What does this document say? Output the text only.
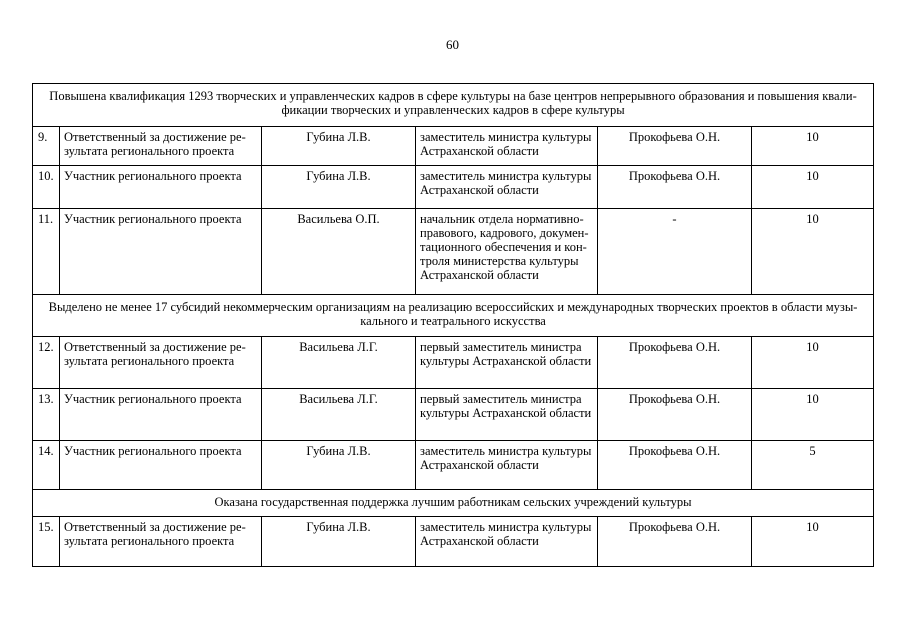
60
Повышена квалификация 1293 творческих и управленческих кадров в сфере культуры на базе центров непрерывного образования и повышения квалификации творческих и управленческих кадров в сфере культуры					
9.	Ответственный за достижение результата регионального проекта	Губина Л.В.	заместитель министра культуры Астраханской области	Прокофьева О.Н.	10
10.	Участник регионального проекта	Губина Л.В.	заместитель министра культуры Астраханской области	Прокофьева О.Н.	10
11.	Участник регионального проекта	Васильева О.П.	начальник отдела нормативно-правового, кадрового, документационного обеспечения и контроля министерства культуры Астраханской области	-	10
Выделено не менее 17 субсидий некоммерческим организациям на реализацию всероссийских и международных творческих проектов в области музыкального и театрального искусства					
12.	Ответственный за достижение результата регионального проекта	Васильева Л.Г.	первый заместитель министра культуры Астраханской области	Прокофьева О.Н.	10
13.	Участник регионального проекта	Васильева Л.Г.	первый заместитель министра культуры Астраханской области	Прокофьева О.Н.	10
14.	Участник регионального проекта	Губина Л.В.	заместитель министра культуры Астраханской области	Прокофьева О.Н.	5
Оказана государственная поддержка лучшим работникам сельских учреждений культуры					
15.	Ответственный за достижение результата регионального проекта	Губина Л.В.	заместитель министра культуры Астраханской области	Прокофьева О.Н.	10
